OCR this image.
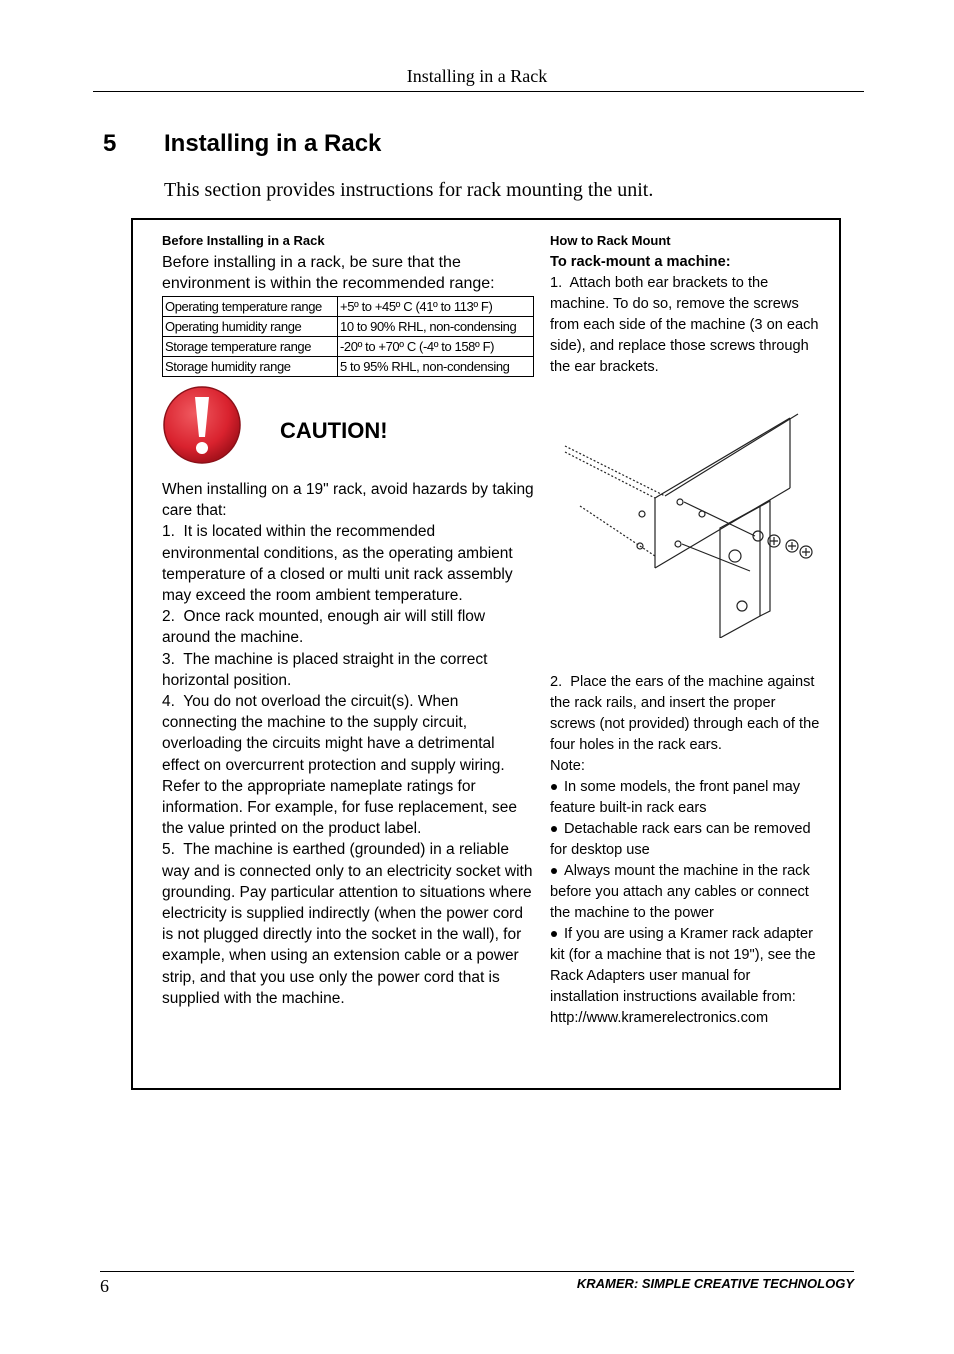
Installing in a Rack
5 Installing in a Rack
This section provides instructions for rack mounting the unit.

Before Installing in a Rack

Before installing in a rack, be sure that the environment is within the recommended range:

Operating temperature range	+5º to +45º C (41º to 113º F)
Operating humidity range	10 to 90% RHL, non-condensing
Storage temperature range	-20º to +70º C (-4º to 158º F)
Storage humidity range	5 to 95% RHL, non-condensing
CAUTION!

When installing on a 19" rack, avoid hazards by taking care that:

1.  It is located within the recommended environmental conditions, as the operating ambient temperature of a closed or multi unit rack assembly may exceed the room ambient temperature.

2.  Once rack mounted, enough air will still flow around the machine.

3.  The machine is placed straight in the correct horizontal position.

4.  You do not overload the circuit(s). When connecting the machine to the supply circuit, overloading the circuits might have a detrimental effect on overcurrent protection and supply wiring. Refer to the appropriate nameplate ratings for information. For example, for fuse replacement, see the value printed on the product label.

5.  The machine is earthed (grounded) in a reliable way and is connected only to an electricity socket with grounding. Pay particular attention to situations where electricity is supplied indirectly (when the power cord is not plugged directly into the socket in the wall), for example, when using an extension cable or a power strip, and that you use only the power cord that is supplied with the machine.

How to Rack Mount

To rack-mount a machine:

1.  Attach both ear brackets to the machine. To do so, remove the screws from each side of the machine (3 on each side), and replace those screws through the ear brackets.

2.  Place the ears of the machine against the rack rails, and insert the proper screws (not provided) through each of the four holes in the rack ears.

Note:

In some models, the front panel may feature built-in rack ears

Detachable rack ears can be removed for desktop use

Always mount the machine in the rack before you attach any cables or connect the machine to the power

If you are using a Kramer rack adapter kit (for a machine that is not 19"), see the Rack Adapters user manual for installation instructions available from:

http://www.kramerelectronics.com

6	KRAMER: SIMPLE CREATIVE TECHNOLOGY
